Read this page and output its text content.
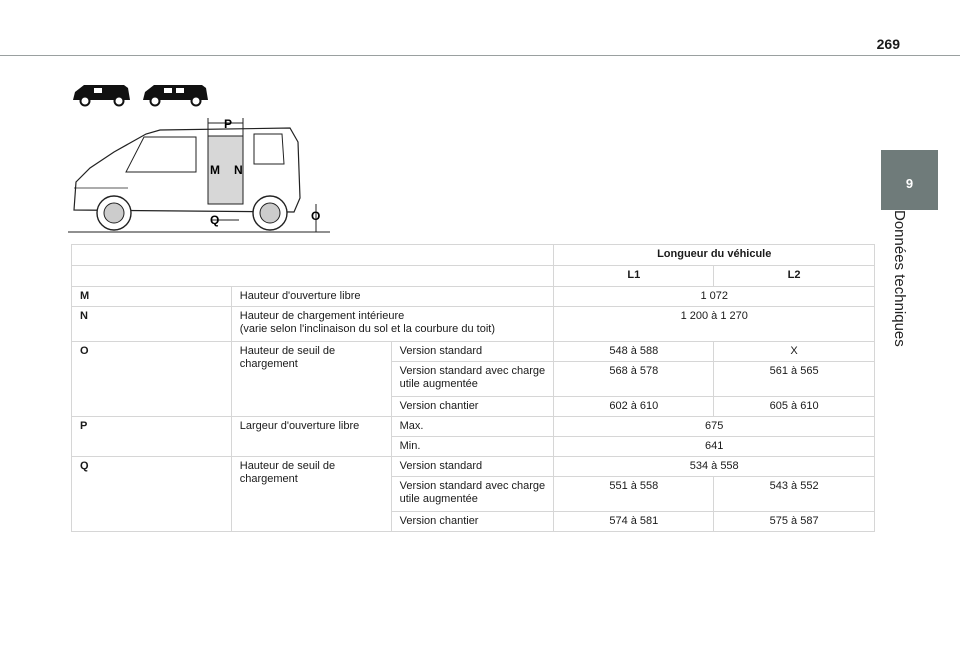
269
9
Données techniques
P
M N
O
Q
			Longueur du véhicule	
			L1	L2
M	Hauteur d'ouverture libre		1 072	
N	Hauteur de chargement intérieure
(varie selon l'inclinaison du sol et la courbure du toit)		1 200 à 1 270	
O	Hauteur de seuil de chargement	Version standard	548 à 588	X
		Version standard avec charge utile augmentée	568 à 578	561 à 565
		Version chantier	602 à 610	605 à 610
P	Largeur d'ouverture libre	Max.	675	
		Min.	641	
Q	Hauteur de seuil de chargement	Version standard	534 à 558	
		Version standard avec charge utile augmentée	551 à 558	543 à 552
		Version chantier	574 à 581	575 à 587
